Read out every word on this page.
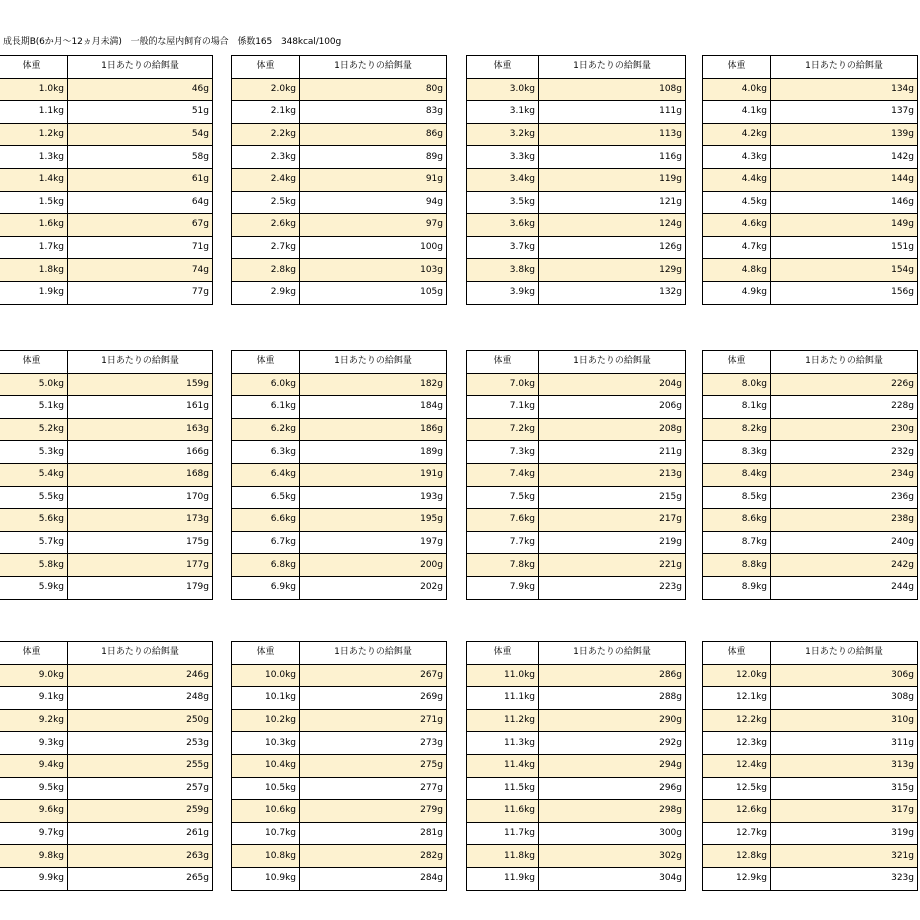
成長期B(6か月～12ヵ月未満)　一般的な屋内飼育の場合　係数165　348kcal/100g
体重	1日あたりの給餌量
1.0kg	46g
1.1kg	51g
1.2kg	54g
1.3kg	58g
1.4kg	61g
1.5kg	64g
1.6kg	67g
1.7kg	71g
1.8kg	74g
1.9kg	77g
体重	1日あたりの給餌量
2.0kg	80g
2.1kg	83g
2.2kg	86g
2.3kg	89g
2.4kg	91g
2.5kg	94g
2.6kg	97g
2.7kg	100g
2.8kg	103g
2.9kg	105g
体重	1日あたりの給餌量
3.0kg	108g
3.1kg	111g
3.2kg	113g
3.3kg	116g
3.4kg	119g
3.5kg	121g
3.6kg	124g
3.7kg	126g
3.8kg	129g
3.9kg	132g
体重	1日あたりの給餌量
4.0kg	134g
4.1kg	137g
4.2kg	139g
4.3kg	142g
4.4kg	144g
4.5kg	146g
4.6kg	149g
4.7kg	151g
4.8kg	154g
4.9kg	156g
体重	1日あたりの給餌量
5.0kg	159g
5.1kg	161g
5.2kg	163g
5.3kg	166g
5.4kg	168g
5.5kg	170g
5.6kg	173g
5.7kg	175g
5.8kg	177g
5.9kg	179g
体重	1日あたりの給餌量
6.0kg	182g
6.1kg	184g
6.2kg	186g
6.3kg	189g
6.4kg	191g
6.5kg	193g
6.6kg	195g
6.7kg	197g
6.8kg	200g
6.9kg	202g
体重	1日あたりの給餌量
7.0kg	204g
7.1kg	206g
7.2kg	208g
7.3kg	211g
7.4kg	213g
7.5kg	215g
7.6kg	217g
7.7kg	219g
7.8kg	221g
7.9kg	223g
体重	1日あたりの給餌量
8.0kg	226g
8.1kg	228g
8.2kg	230g
8.3kg	232g
8.4kg	234g
8.5kg	236g
8.6kg	238g
8.7kg	240g
8.8kg	242g
8.9kg	244g
体重	1日あたりの給餌量
9.0kg	246g
9.1kg	248g
9.2kg	250g
9.3kg	253g
9.4kg	255g
9.5kg	257g
9.6kg	259g
9.7kg	261g
9.8kg	263g
9.9kg	265g
体重	1日あたりの給餌量
10.0kg	267g
10.1kg	269g
10.2kg	271g
10.3kg	273g
10.4kg	275g
10.5kg	277g
10.6kg	279g
10.7kg	281g
10.8kg	282g
10.9kg	284g
体重	1日あたりの給餌量
11.0kg	286g
11.1kg	288g
11.2kg	290g
11.3kg	292g
11.4kg	294g
11.5kg	296g
11.6kg	298g
11.7kg	300g
11.8kg	302g
11.9kg	304g
体重	1日あたりの給餌量
12.0kg	306g
12.1kg	308g
12.2kg	310g
12.3kg	311g
12.4kg	313g
12.5kg	315g
12.6kg	317g
12.7kg	319g
12.8kg	321g
12.9kg	323g
